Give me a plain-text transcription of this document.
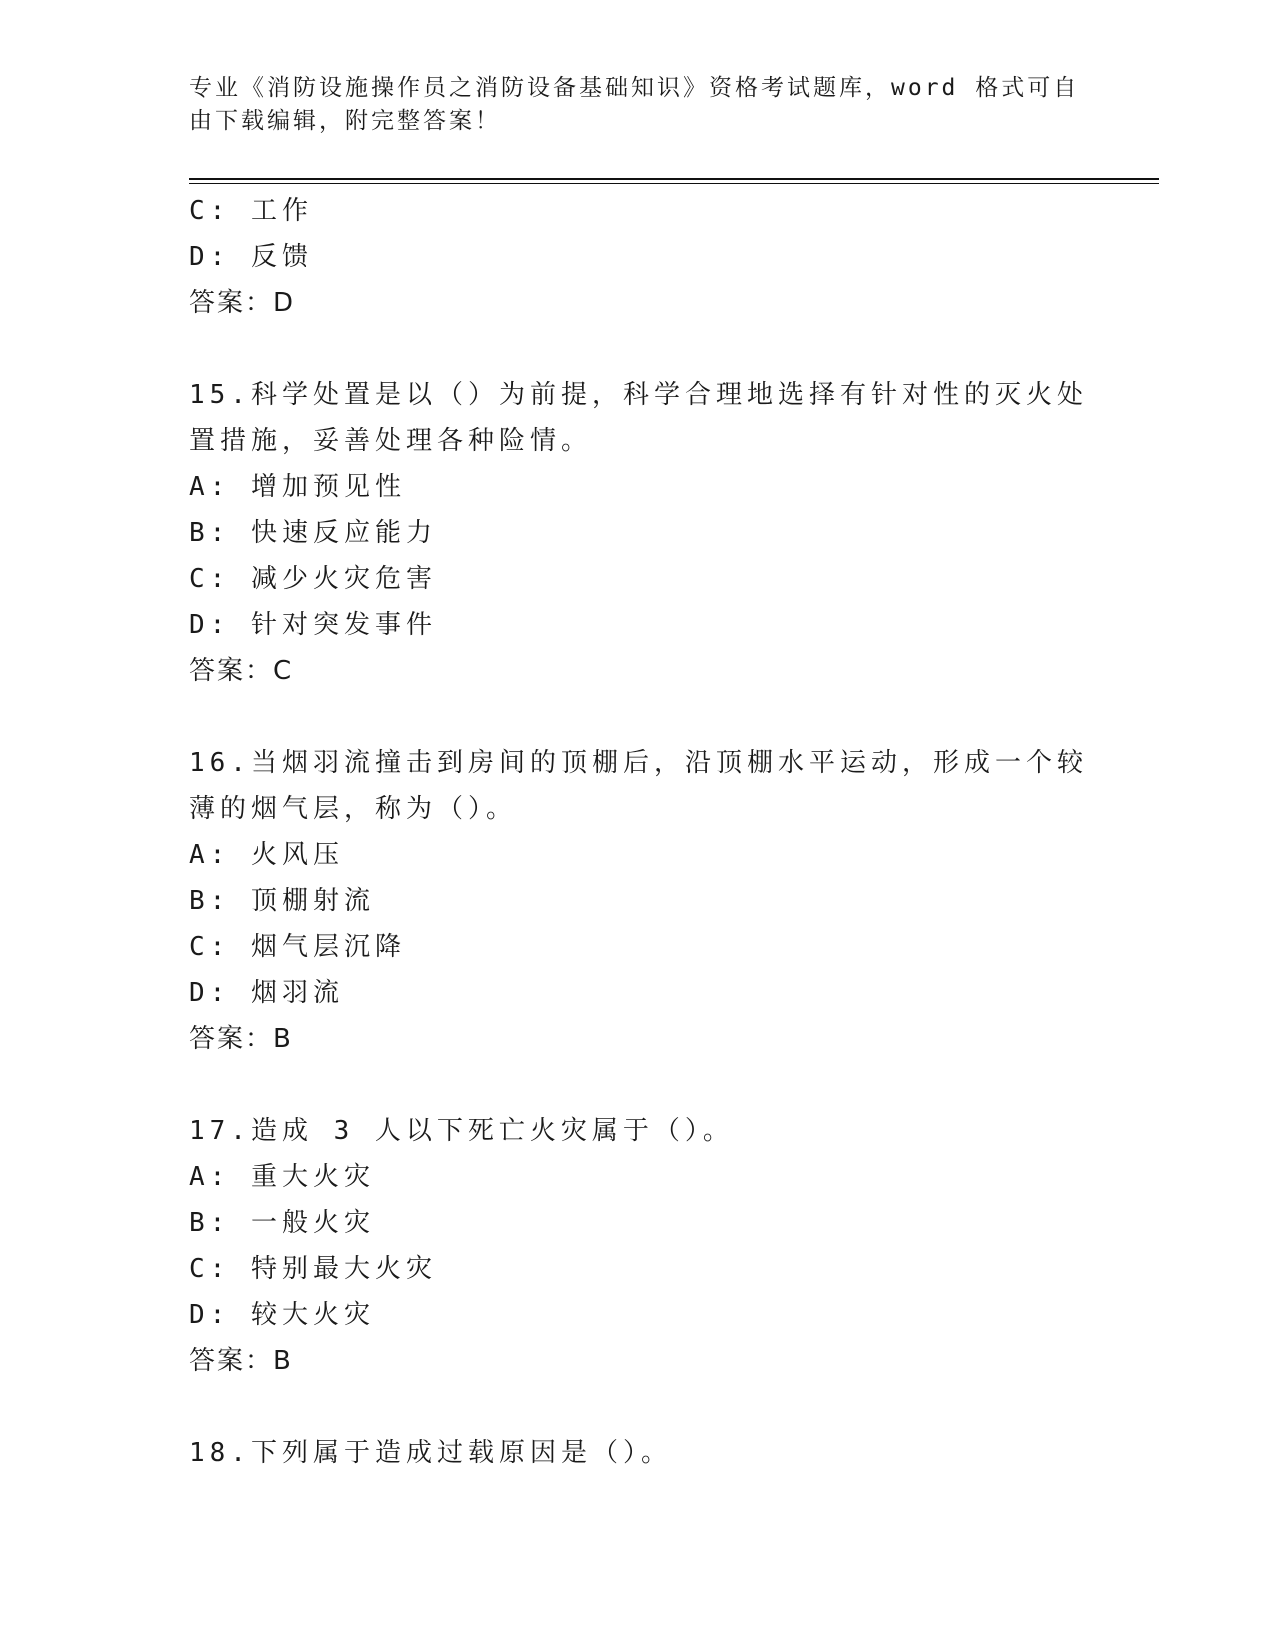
专业《消防设施操作员之消防设备基础知识》资格考试题库，word 格式可自由下载编辑，附完整答案！
C: 工作
D: 反馈
答案：D
15.科学处置是以（）为前提，科学合理地选择有针对性的灭火处置措施，妥善处理各种险情。
A: 增加预见性
B: 快速反应能力
C: 减少火灾危害
D: 针对突发事件
答案：C
16.当烟羽流撞击到房间的顶棚后，沿顶棚水平运动，形成一个较薄的烟气层，称为（）。
A: 火风压
B: 顶棚射流
C: 烟气层沉降
D: 烟羽流
答案：B
17.造成 3 人以下死亡火灾属于（）。
A: 重大火灾
B: 一般火灾
C: 特别最大火灾
D: 较大火灾
答案：B
18.下列属于造成过载原因是（）。
